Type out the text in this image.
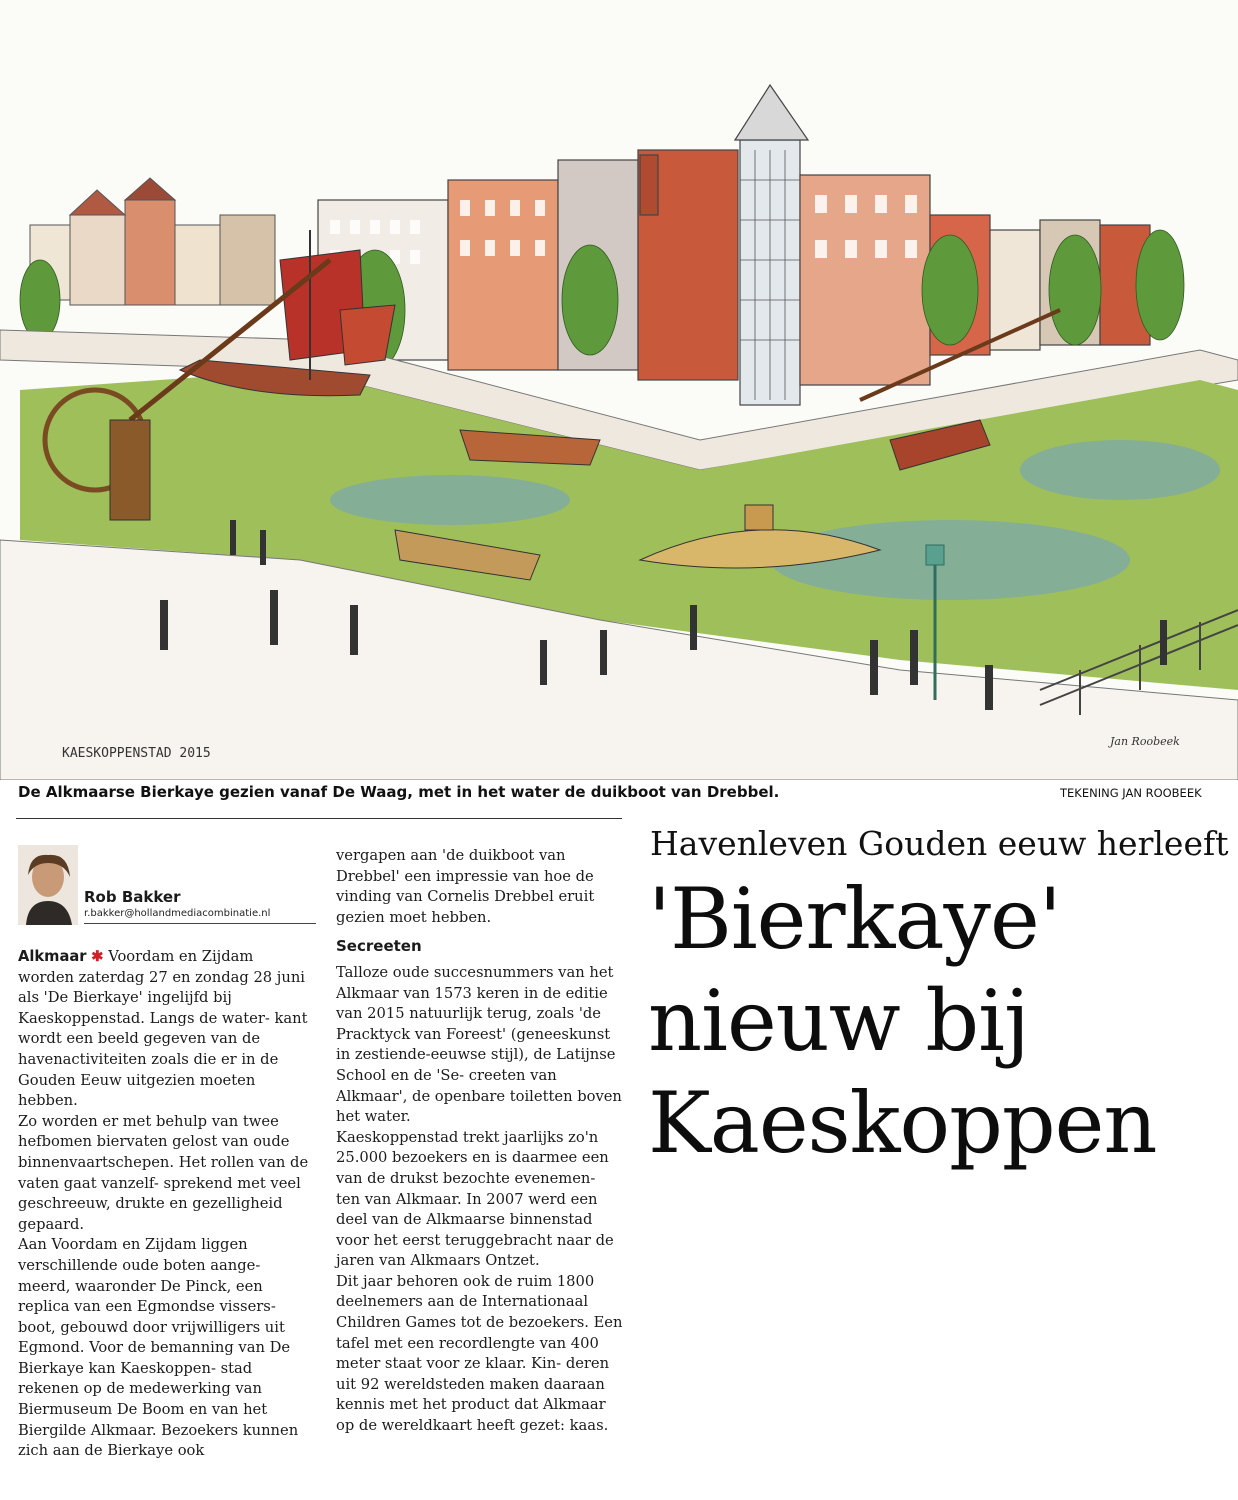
KAESKOPPENSTAD 2015
Jan Roobeek
De Alkmaarse Bierkaye gezien vanaf De Waag, met in het water de duikboot van Drebbel.	TEKENING JAN ROOBEEK
Rob Bakker
r.bakker@hollandmediacombinatie.nl

Alkmaar ✱ Voordam en Zijdam worden zaterdag 27 en zondag 28 juni als 'De Bierkaye' ingelijfd bij Kaeskoppenstad. Langs de water- kant wordt een beeld gegeven van de havenactiviteiten zoals die er in de Gouden Eeuw uitgezien moeten hebben.

Zo worden er met behulp van twee hefbomen biervaten gelost van oude binnenvaartschepen. Het rollen van de vaten gaat vanzelf- sprekend met veel geschreeuw, drukte en gezelligheid gepaard.

Aan Voordam en Zijdam liggen verschillende oude boten aange- meerd, waaronder De Pinck, een replica van een Egmondse vissers- boot, gebouwd door vrijwilligers uit Egmond. Voor de bemanning van De Bierkaye kan Kaeskoppen- stad rekenen op de medewerking van Biermuseum De Boom en van het Biergilde Alkmaar. Bezoekers kunnen zich aan de Bierkaye ook

vergapen aan 'de duikboot van Drebbel' een impressie van hoe de vinding van Cornelis Drebbel eruit gezien moet hebben.

Secreeten

Talloze oude succesnummers van het Alkmaar van 1573 keren in de editie van 2015 natuurlijk terug, zoals 'de Pracktyck van Foreest' (geneeskunst in zestiende-eeuwse stijl), de Latijnse School en de 'Se- creeten van Alkmaar', de openbare toiletten boven het water.

Kaeskoppenstad trekt jaarlijks zo'n 25.000 bezoekers en is daarmee een van de drukst bezochte evenemen- ten van Alkmaar. In 2007 werd een deel van de Alkmaarse binnenstad voor het eerst teruggebracht naar de jaren van Alkmaars Ontzet.

Dit jaar behoren ook de ruim 1800 deelnemers aan de Internationaal Children Games tot de bezoekers. Een tafel met een recordlengte van 400 meter staat voor ze klaar. Kin- deren uit 92 wereldsteden maken daaraan kennis met het product dat Alkmaar op de wereldkaart heeft gezet: kaas.

Havenleven Gouden eeuw herleeft
'Bierkaye'
nieuw bij
Kaeskoppen
